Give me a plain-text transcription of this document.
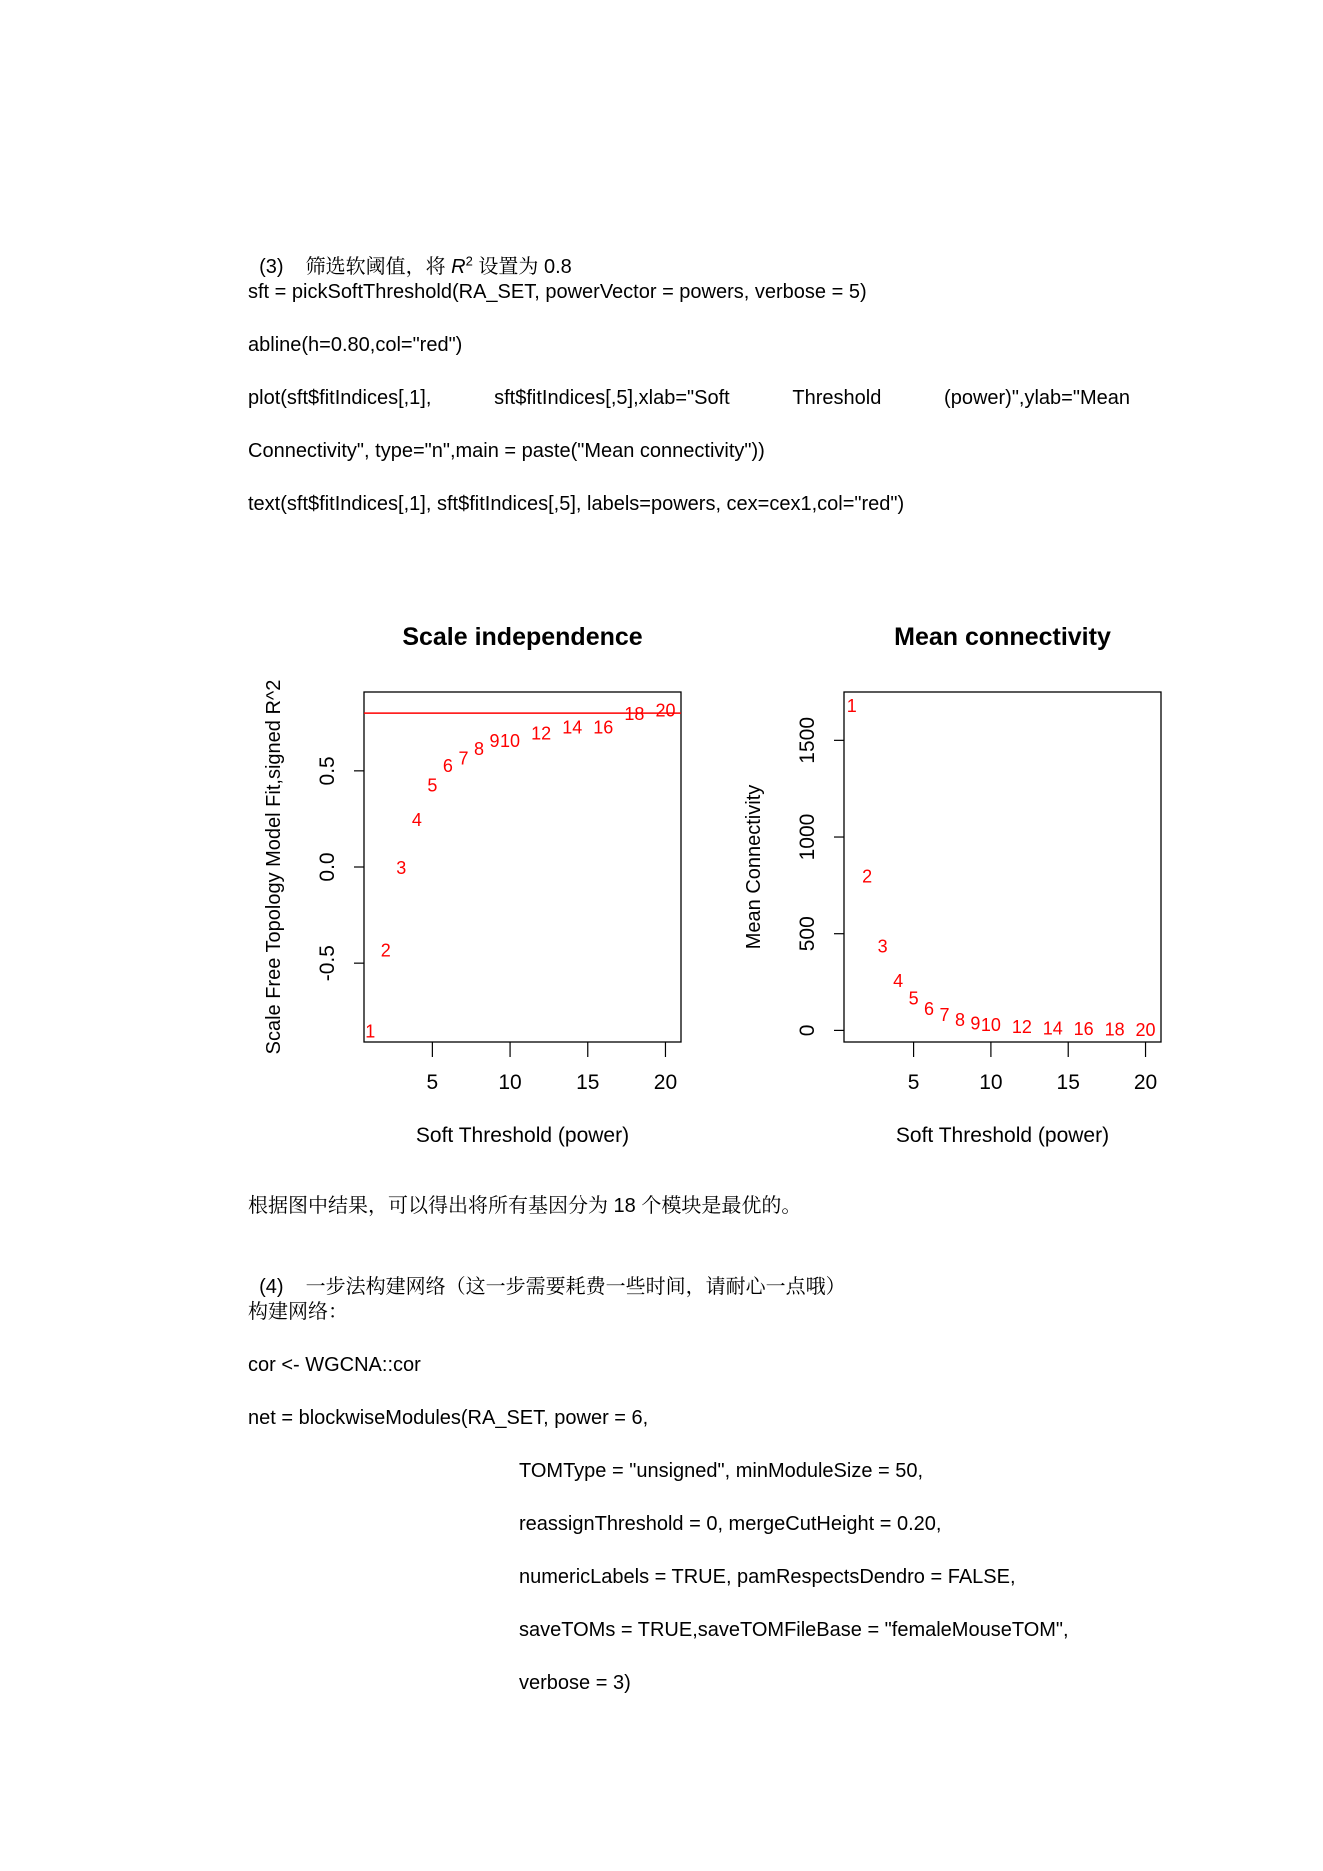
(3) 筛选软阈值，将 $R^2$ 设置为 0.8

sft = pickSoftThreshold(RA_SET, powerVector = powers, verbose = 5)
abline(h=0.80,col="red")
plot(sft$fitIndices[,1],	sft$fitIndices[,5],xlab="Soft	Threshold	(power)",ylab="Mean
Connectivity", type="n",main = paste("Mean connectivity"))
text(sft$fitIndices[,1], sft$fitIndices[,5], labels=powers, cex=cex1,col="red")
Scale independence
5	10	15	20
Soft Threshold (power)
-0.5
0.0
0.5
Scale Free Topology Model Fit,signed R^2	1
2
3
4
5
6 7 8 9 10 12 14 16
18 20
Mean connectivity
5	10	15	20
Soft Threshold (power)
0
500
1000
1500
Mean Connectivity
1
2
3
4
5
6 7 8 9 10 12 14 16 18 20
根据图中结果，可以得出将所有基因分为 18 个模块是最优的。

(4) 一步法构建网络（这一步需要耗费一些时间，请耐心一点哦）

构建网络：
cor <- WGCNA::cor
net = blockwiseModules(RA_SET, power = 6,
TOMType = "unsigned", minModuleSize = 50,
reassignThreshold = 0, mergeCutHeight = 0.20,
numericLabels = TRUE, pamRespectsDendro = FALSE,
saveTOMs = TRUE,saveTOMFileBase = "femaleMouseTOM",
verbose = 3)
